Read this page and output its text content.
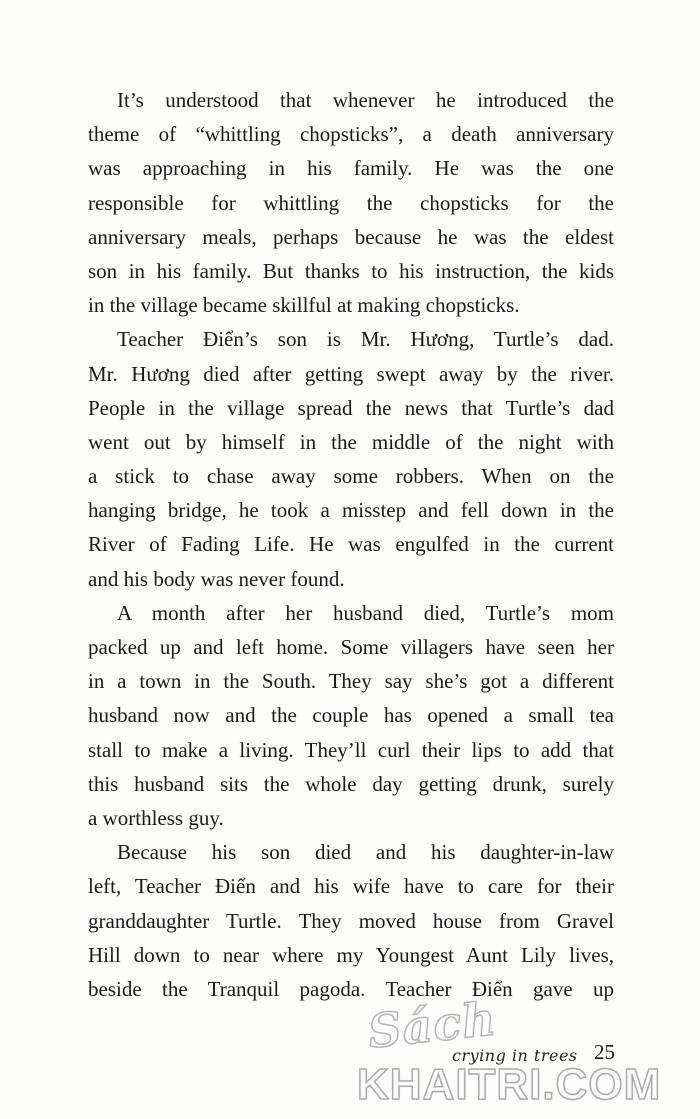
It’s understood that whenever he introduced the
theme of “whittling chopsticks”, a death anniversary
was approaching in his family. He was the one
responsible for whittling the chopsticks for the
anniversary meals, perhaps because he was the eldest
son in his family. But thanks to his instruction, the kids
in the village became skillful at making chopsticks.
Teacher Điển’s son is Mr. Hương, Turtle’s dad.
Mr. Hương died after getting swept away by the river.
People in the village spread the news that Turtle’s dad
went out by himself in the middle of the night with
a stick to chase away some robbers. When on the
hanging bridge, he took a misstep and fell down in the
River of Fading Life. He was engulfed in the current
and his body was never found.
A month after her husband died, Turtle’s mom
packed up and left home. Some villagers have seen her
in a town in the South. They say she’s got a different
husband now and the couple has opened a small tea
stall to make a living. They’ll curl their lips to add that
this husband sits the whole day getting drunk, surely
a worthless guy.
Because his son died and his daughter-in-law
left, Teacher Điển and his wife have to care for their
granddaughter Turtle. They moved house from Gravel
Hill down to near where my Youngest Aunt Lily lives,
beside the Tranquil pagoda. Teacher Điển gave up
Sách
crying in trees 25
KHAITRI.COM
